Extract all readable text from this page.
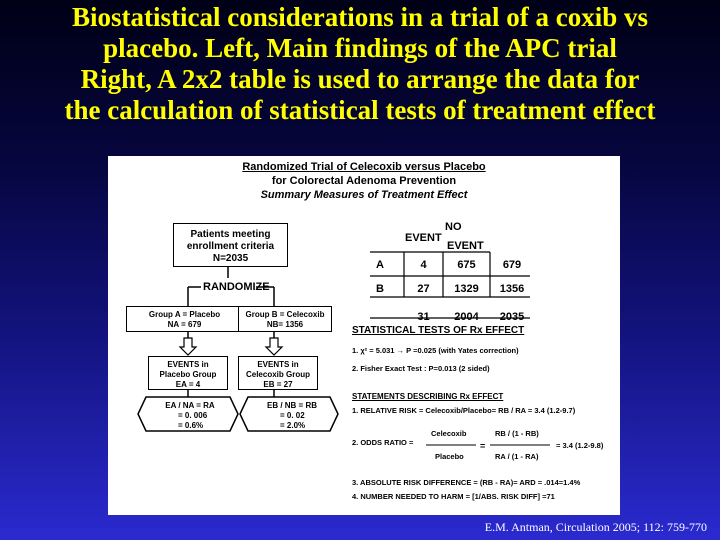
Biostatistical considerations in a trial of a coxib vs
placebo. Left, Main findings of the APC trial
Right, A 2x2 table is used to arrange the data for
the calculation of statistical tests of treatment effect
Randomized Trial of Celecoxib versus Placebo
for Colorectal Adenoma Prevention
Summary Measures of Treatment Effect
Patients meeting
enrollment criteria
N=2035
RANDOMIZE
Group A = Placebo
NA = 679
Group B = Celecoxib
NB= 1356
EVENTS in
Placebo Group
EA = 4
EVENTS in
Celecoxib Group
EB = 27
EA / NA = RA
= 0. 006
= 0.6%
EB / NB = RB
= 0. 02
= 2.0%
NO
EVENT
EVENT
A	4	675	679
B	27	1329	1356
31	2004	2035
STATISTICAL TESTS OF Rx EFFECT
1. χ² = 5.031 → P =0.025 (with Yates correction)
2. Fisher Exact Test : P=0.013 (2 sided)
STATEMENTS DESCRIBING Rx EFFECT
1. RELATIVE RISK = Celecoxib/Placebo= RB / RA = 3.4 (1.2-9.7)
2. ODDS RATIO =
Celecoxib
Placebo
RB / (1 - RB)
RA / (1 - RA)
= 3.4 (1.2-9.8)
=
3. ABSOLUTE RISK DIFFERENCE = (RB - RA)= ARD = .014=1.4%
4. NUMBER NEEDED TO HARM = [1/ABS. RISK DIFF] =71
E.M. Antman, Circulation 2005; 112: 759-770
